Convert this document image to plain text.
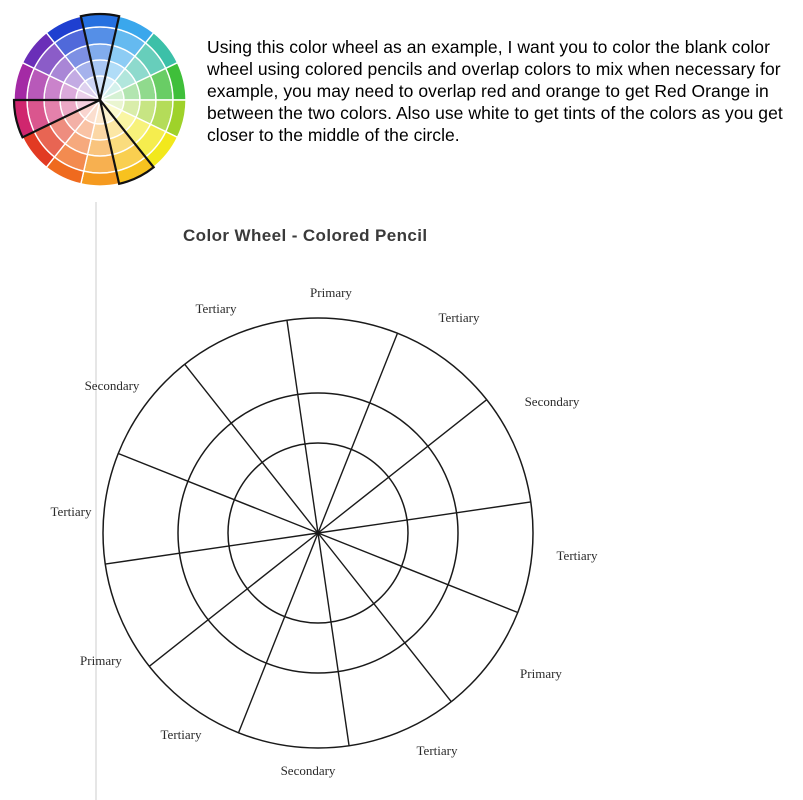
Using this color wheel as an example, I want you to color the blank color wheel using colored pencils and overlap colors to mix when necessary for example, you may need to overlap red and orange to get Red Orange in between the two colors. Also use white to get tints of the colors as you get closer to the middle of the circle.

Color Wheel - Colored Pencil
Primary
Tertiary
Secondary
Tertiary
Primary
Tertiary
Secondary
Tertiary
Primary
Tertiary
Secondary
Tertiary
